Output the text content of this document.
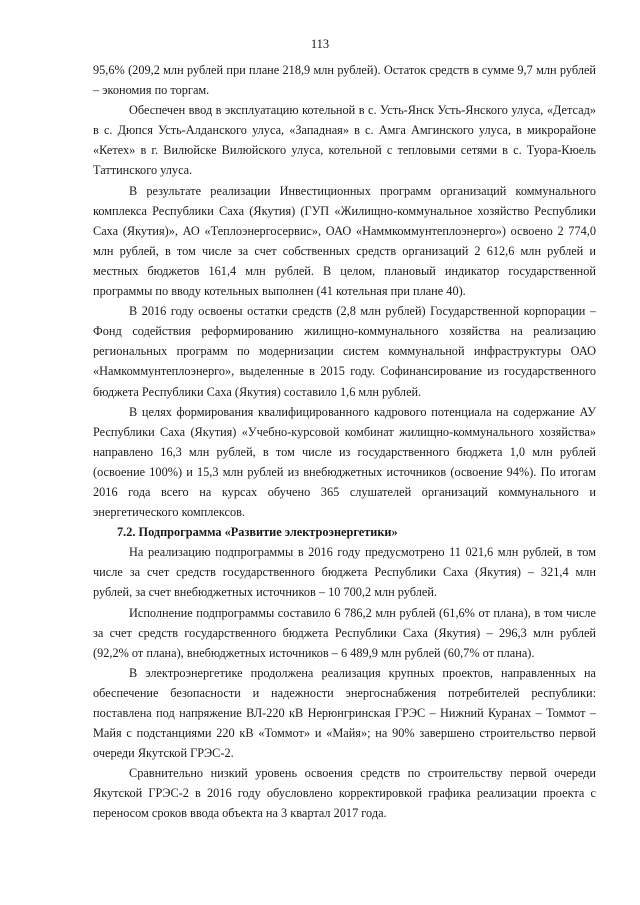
113

95,6% (209,2 млн рублей при плане 218,9 млн рублей). Остаток средств в сумме 9,7 млн рублей – экономия по торгам.

Обеспечен ввод в эксплуатацию котельной в с. Усть-Янск Усть-Янского улуса, «Детсад» в с. Дюпся Усть-Алданского улуса, «Западная» в с. Амга Амгинского улуса, в микрорайоне «Кетех» в г. Вилюйске Вилюйского улуса, котельной с тепловыми сетями в с. Туора-Кюель Таттинского улуса.

В результате реализации Инвестиционных программ организаций коммунального комплекса Республики Саха (Якутия) (ГУП «Жилищно-коммунальное хозяйство Республики Саха (Якутия)», АО «Теплоэнергосервис», ОАО «Наммкоммунтеплоэнерго») освоено 2 774,0 млн рублей, в том числе за счет собственных средств организаций 2 612,6 млн рублей и местных бюджетов 161,4 млн рублей. В целом, плановый индикатор государственной программы по вводу котельных выполнен (41 котельная при плане 40).

В 2016 году освоены остатки средств (2,8 млн рублей) Государственной корпорации – Фонд содействия реформированию жилищно-коммунального хозяйства на реализацию региональных программ по модернизации систем коммунальной инфраструктуры ОАО «Намкоммунтеплоэнерго», выделенные в 2015 году. Софинансирование из государственного бюджета Республики Саха (Якутия) составило 1,6 млн рублей.

В целях формирования квалифицированного кадрового потенциала на содержание АУ Республики Саха (Якутия) «Учебно-курсовой комбинат жилищно-коммунального хозяйства» направлено 16,3 млн рублей, в том числе из государственного бюджета 1,0 млн рублей (освоение 100%) и 15,3 млн рублей из внебюджетных источников (освоение 94%). По итогам 2016 года всего на курсах обучено 365 слушателей организаций коммунального и энергетического комплексов.

7.2. Подпрограмма «Развитие электроэнергетики»

На реализацию подпрограммы в 2016 году предусмотрено 11 021,6 млн рублей, в том числе за счет средств государственного бюджета Республики Саха (Якутия) – 321,4 млн рублей, за счет внебюджетных источников – 10 700,2 млн рублей.

Исполнение подпрограммы составило 6 786,2 млн рублей (61,6% от плана), в том числе за счет средств государственного бюджета Республики Саха (Якутия) – 296,3 млн рублей (92,2% от плана), внебюджетных источников – 6 489,9 млн рублей (60,7% от плана).

В электроэнергетике продолжена реализация крупных проектов, направленных на обеспечение безопасности и надежности энергоснабжения потребителей республики: поставлена под напряжение ВЛ-220 кВ Нерюнгринская ГРЭС – Нижний Куранах – Томмот – Майя с подстанциями 220 кВ «Томмот» и «Майя»; на 90% завершено строительство первой очереди Якутской ГРЭС-2.

Сравнительно низкий уровень освоения средств по строительству первой очереди Якутской ГРЭС-2 в 2016 году обусловлено корректировкой графика реализации проекта с переносом сроков ввода объекта на 3 квартал 2017 года.
